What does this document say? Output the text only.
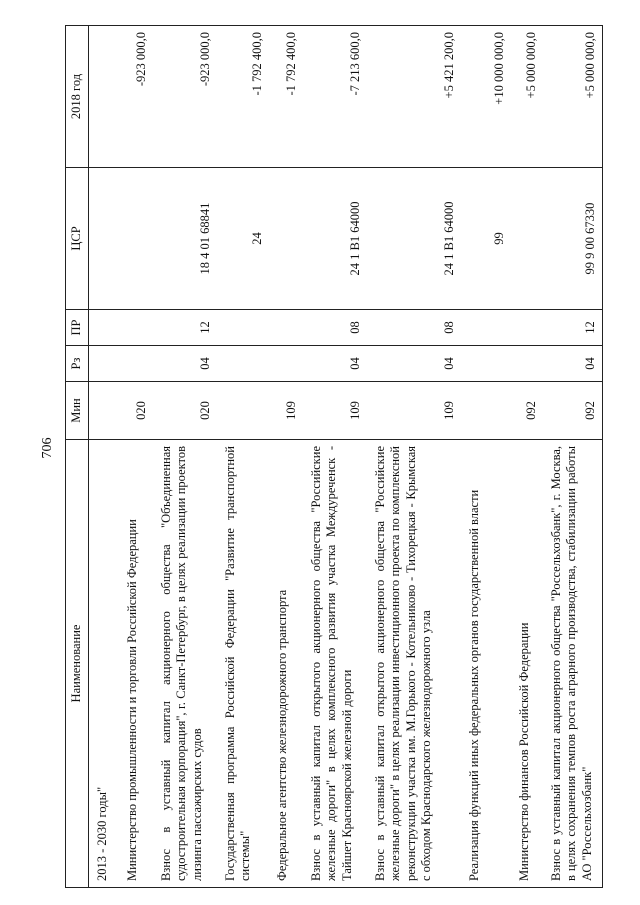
706
Наименование	Мин	Рз	ПР	ЦСР	2018 год
2013 - 2030 годы"					
Министерство промышленности и торговли Российской Федерации	020				-923 000,0
Взнос в уставный капитал акционерного общества "Объединенная судостроительная корпорация", г. Санкт-Петербург, в целях реализации проектов лизинга пассажирских судов	020	04	12	18 4 01 68841	-923 000,0
Государственная программа Российской Федерации "Развитие транспортной системы"				24	-1 792 400,0
Федеральное агентство железнодорожного транспорта	109				-1 792 400,0
Взнос в уставный капитал открытого акционерного общества "Российские железные дороги" в целях комплексного развития участка Междуреченск - Тайшет Красноярской железной дороги	109	04	08	24 1 В1 64000	-7 213 600,0
Взнос в уставный капитал открытого акционерного общества "Российские железные дороги" в целях реализации инвестиционного проекта по комплексной реконструкции участка им. М.Горького - Котельниково - Тихорецкая - Крымская с обходом Краснодарского железнодорожного узла	109	04	08	24 1 В1 64000	+5 421 200,0
Реализация функций иных федеральных органов государственной власти				99	+10 000 000,0
Министерство финансов Российской Федерации	092				+5 000 000,0
Взнос в уставный капитал акционерного общества "Россельхозбанк", г. Москва, в целях сохранения темпов роста аграрного производства, стабилизации работы АО "Россельхозбанк"	092	04	12	99 9 00 67330	+5 000 000,0
